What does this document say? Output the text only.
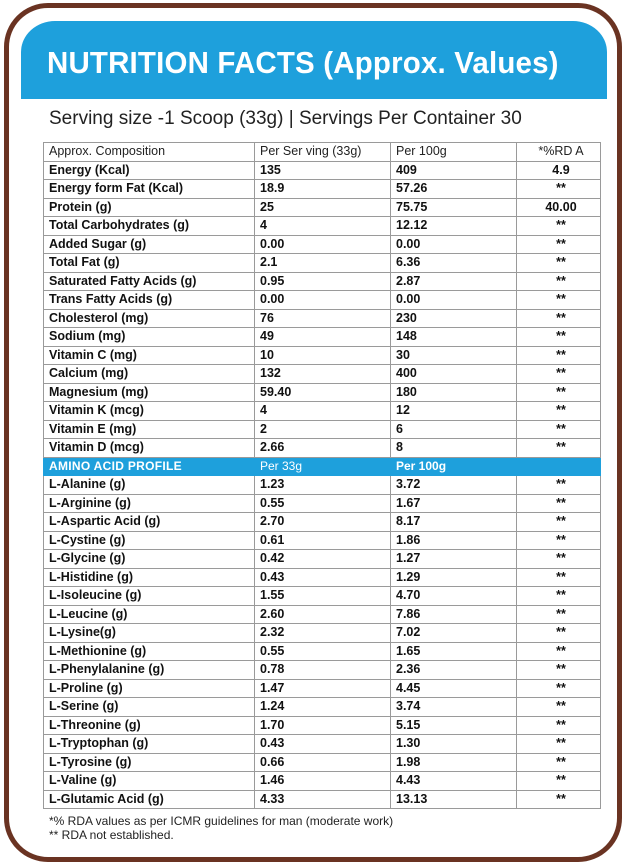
NUTRITION FACTS (Approx. Values)
Serving size -1 Scoop (33g) | Servings Per Container 30
Approx. Composition	Per Ser ving (33g)	Per 100g	*%RD A
Energy (Kcal)	135	409	4.9
Energy form Fat (Kcal)	18.9	57.26	**
Protein (g)	25	75.75	40.00
Total Carbohydrates (g)	4	12.12	**
Added Sugar (g)	0.00	0.00	**
Total Fat (g)	2.1	6.36	**
Saturated Fatty Acids (g)	0.95	2.87	**
Trans Fatty Acids (g)	0.00	0.00	**
Cholesterol (mg)	76	230	**
Sodium (mg)	49	148	**
Vitamin C (mg)	10	30	**
Calcium (mg)	132	400	**
Magnesium (mg)	59.40	180	**
Vitamin K (mcg)	4	12	**
Vitamin E (mg)	2	6	**
Vitamin D (mcg)	2.66	8	**
AMINO ACID PROFILE	Per 33g	Per 100g	
L-Alanine (g)	1.23	3.72	**
L-Arginine (g)	0.55	1.67	**
L-Aspartic Acid (g)	2.70	8.17	**
L-Cystine (g)	0.61	1.86	**
L-Glycine (g)	0.42	1.27	**
L-Histidine (g)	0.43	1.29	**
L-Isoleucine (g)	1.55	4.70	**
L-Leucine (g)	2.60	7.86	**
L-Lysine(g)	2.32	7.02	**
L-Methionine (g)	0.55	1.65	**
L-Phenylalanine (g)	0.78	2.36	**
L-Proline (g)	1.47	4.45	**
L-Serine (g)	1.24	3.74	**
L-Threonine (g)	1.70	5.15	**
L-Tryptophan (g)	0.43	1.30	**
L-Tyrosine (g)	0.66	1.98	**
L-Valine (g)	1.46	4.43	**
L-Glutamic Acid (g)	4.33	13.13	**
*% RDA values as per ICMR guidelines for man (moderate work)
** RDA not established.
